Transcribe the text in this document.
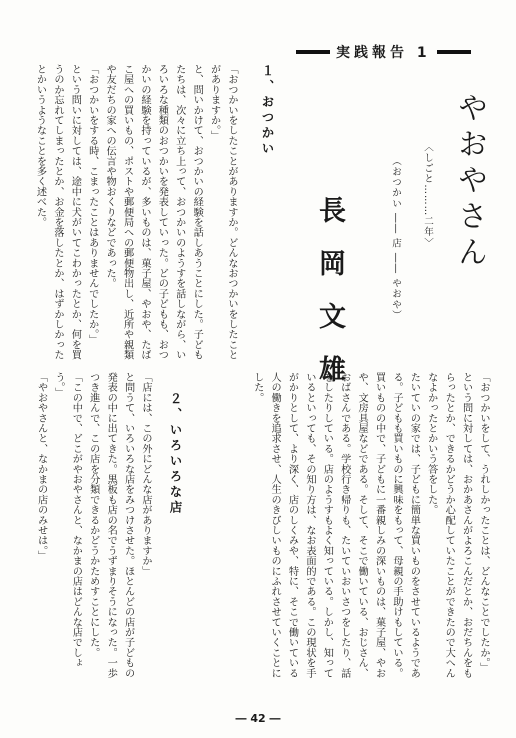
実践報告 1
やおやさん
〈しごと………二年〉
（おつかい ―― 店 ―― やおや）
長岡文雄
１、おつかい

「おつかいをしたことがありますか。どんなおつかいをしたことがありますか。」

と、問いかけて、おつかいの経験を話しあうことにした。子どもたちは、次々に立ち上って、おつかいのようすを話しながら、いろいろな種類のおつかいを発表していった。どの子どもも、おつかいの経験を持っているが、多いものは、菓子屋、やおや、たばこ屋への買いもの、ポストや郵便局への郵便物出し、近所や親類や友だちの家への伝言や物おくりなどであった。

「おつかいをする時、こまったことはありませんでしたか。」

という問いに対しては、途中に犬がいてこわかったとか、何を買うのか忘れてしまったとか、お金を落したとか、はずかしかったとかいうようなことを多く述べた。

「おつかいをして、うれしかったことは、どんなことでしたか。」

という問に対しては、おかあさんがよろこんだとか、おだちんをもらったとか、できるかどうか心配していたことができたので大へんなよかったとかいう答をした。

たいていの家では、子どもに簡単な買いものをさせているようである。子どもも買いものに興味をもって、母親の手助けもしている。買いものの中で、子どもに一番親しみの深いものは、菓子屋、やおや、文房具屋などである。そして、そこで働いている、おじさん、おばさんである。学校行き帰りも、たいていおいさつをしたり、話をしたりしている。店のようすもよく知っている。しかし、知っているといっても、その知り方は、なお表面的である。この現状を手がかりとして、より深く、店のしくみや、特に、そこで働いている人の働きを追求させ、人生のきびしいものにふれさせていくことにした。

２、いろいろな店

「店には、この外にどんな店がありますか」

と問うて、いろいろな店をみつけさせた。ほとんどの店が子どもの発表の中に出てきた。黒板も店の名でうずまりそうになった。一歩つき進んで、この店を分類できるかどうかためすことにした。

「この中で、どこがやおやさんと、なかまの店はどんな店でしょう。」

「やおやさんと、なかまの店のみせは。」

― 42 ―
